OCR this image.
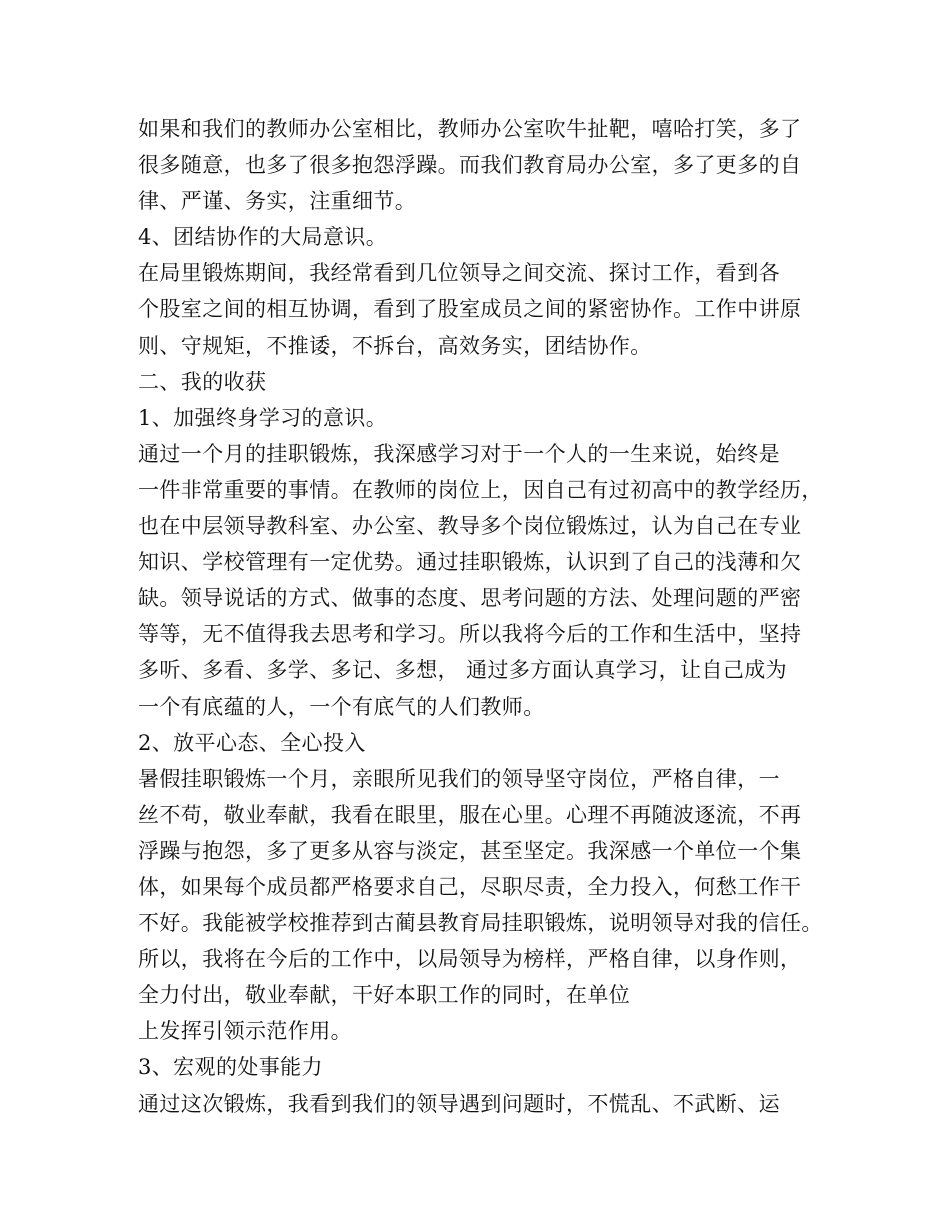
如果和我们的教师办公室相比，教师办公室吹牛扯靶，嘻哈打笑，多了
很多随意，也多了很多抱怨浮躁。而我们教育局办公室，多了更多的自
律、严谨、务实，注重细节。
4、团结协作的大局意识。
在局里锻炼期间，我经常看到几位领导之间交流、探讨工作，看到各
个股室之间的相互协调，看到了股室成员之间的紧密协作。工作中讲原
则、守规矩，不推诿，不拆台，高效务实，团结协作。
二、我的收获
1、加强终身学习的意识。
通过一个月的挂职锻炼，我深感学习对于一个人的一生来说，始终是
一件非常重要的事情。在教师的岗位上，因自己有过初高中的教学经历，
也在中层领导教科室、办公室、教导多个岗位锻炼过，认为自己在专业
知识、学校管理有一定优势。通过挂职锻炼，认识到了自己的浅薄和欠
缺。领导说话的方式、做事的态度、思考问题的方法、处理问题的严密
等等，无不值得我去思考和学习。所以我将今后的工作和生活中，坚持
多听、多看、多学、多记、多想， 通过多方面认真学习，让自己成为
一个有底蕴的人，一个有底气的人们教师。
2、放平心态、全心投入
暑假挂职锻炼一个月，亲眼所见我们的领导坚守岗位，严格自律，一
丝不苟，敬业奉献，我看在眼里，服在心里。心理不再随波逐流，不再
浮躁与抱怨，多了更多从容与淡定，甚至坚定。我深感一个单位一个集
体，如果每个成员都严格要求自己，尽职尽责，全力投入，何愁工作干
不好。我能被学校推荐到古蔺县教育局挂职锻炼，说明领导对我的信任。
所以，我将在今后的工作中，以局领导为榜样，严格自律，以身作则，
全力付出，敬业奉献，干好本职工作的同时，在单位
上发挥引领示范作用。
3、宏观的处事能力
通过这次锻炼，我看到我们的领导遇到问题时，不慌乱、不武断、运
